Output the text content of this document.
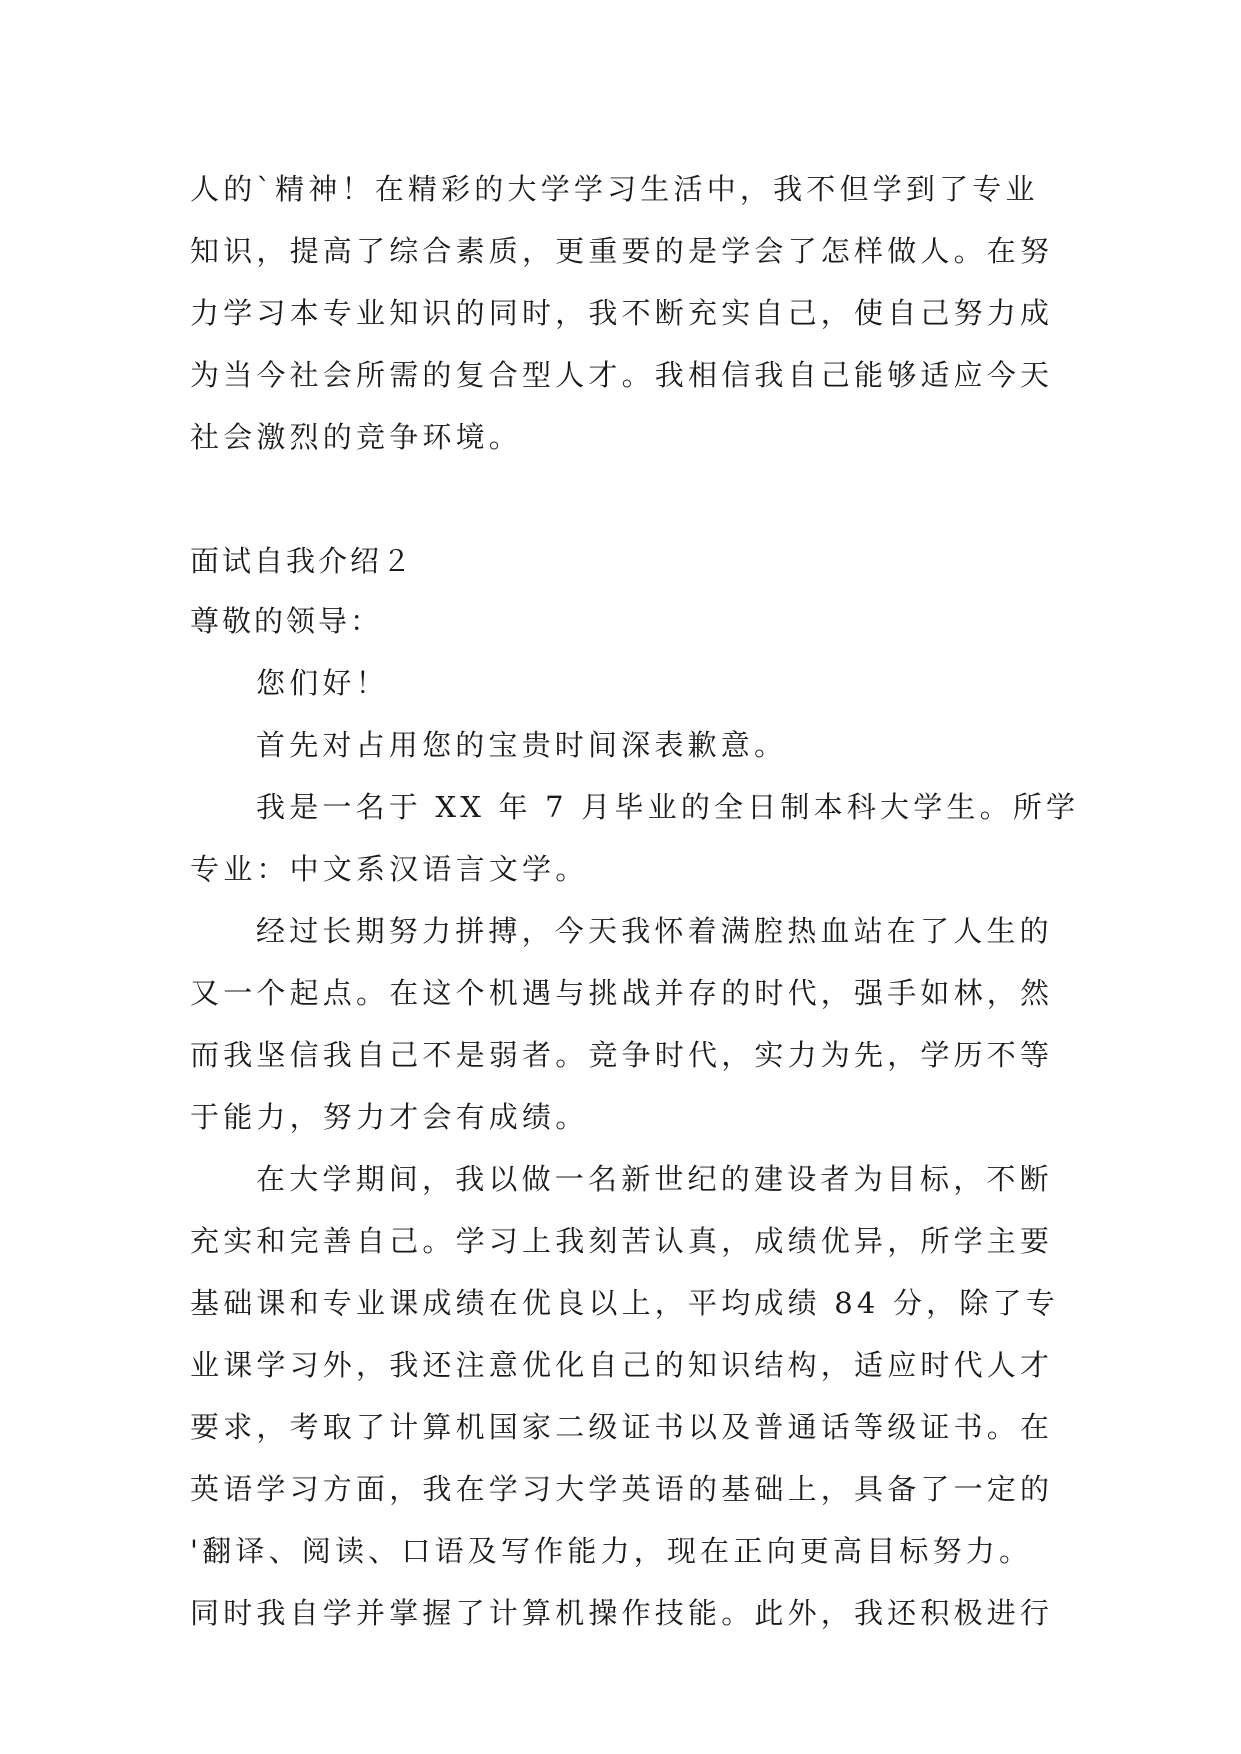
人的`精神！在精彩的大学学习生活中，我不但学到了专业
知识，提高了综合素质，更重要的是学会了怎样做人。在努
力学习本专业知识的同时，我不断充实自己，使自己努力成
为当今社会所需的复合型人才。我相信我自己能够适应今天
社会激烈的竞争环境。
面试自我介绍２
尊敬的领导：
您们好！
首先对占用您的宝贵时间深表歉意。
我是一名于 XX 年 7 月毕业的全日制本科大学生。所学
专业：中文系汉语言文学。
经过长期努力拼搏，今天我怀着满腔热血站在了人生的
又一个起点。在这个机遇与挑战并存的时代，强手如林，然
而我坚信我自己不是弱者。竞争时代，实力为先，学历不等
于能力，努力才会有成绩。
在大学期间，我以做一名新世纪的建设者为目标，不断
充实和完善自己。学习上我刻苦认真，成绩优异，所学主要
基础课和专业课成绩在优良以上，平均成绩 84 分，除了专
业课学习外，我还注意优化自己的知识结构，适应时代人才
要求，考取了计算机国家二级证书以及普通话等级证书。在
英语学习方面，我在学习大学英语的基础上，具备了一定的
'翻译、阅读、口语及写作能力，现在正向更高目标努力。
同时我自学并掌握了计算机操作技能。此外，我还积极进行
